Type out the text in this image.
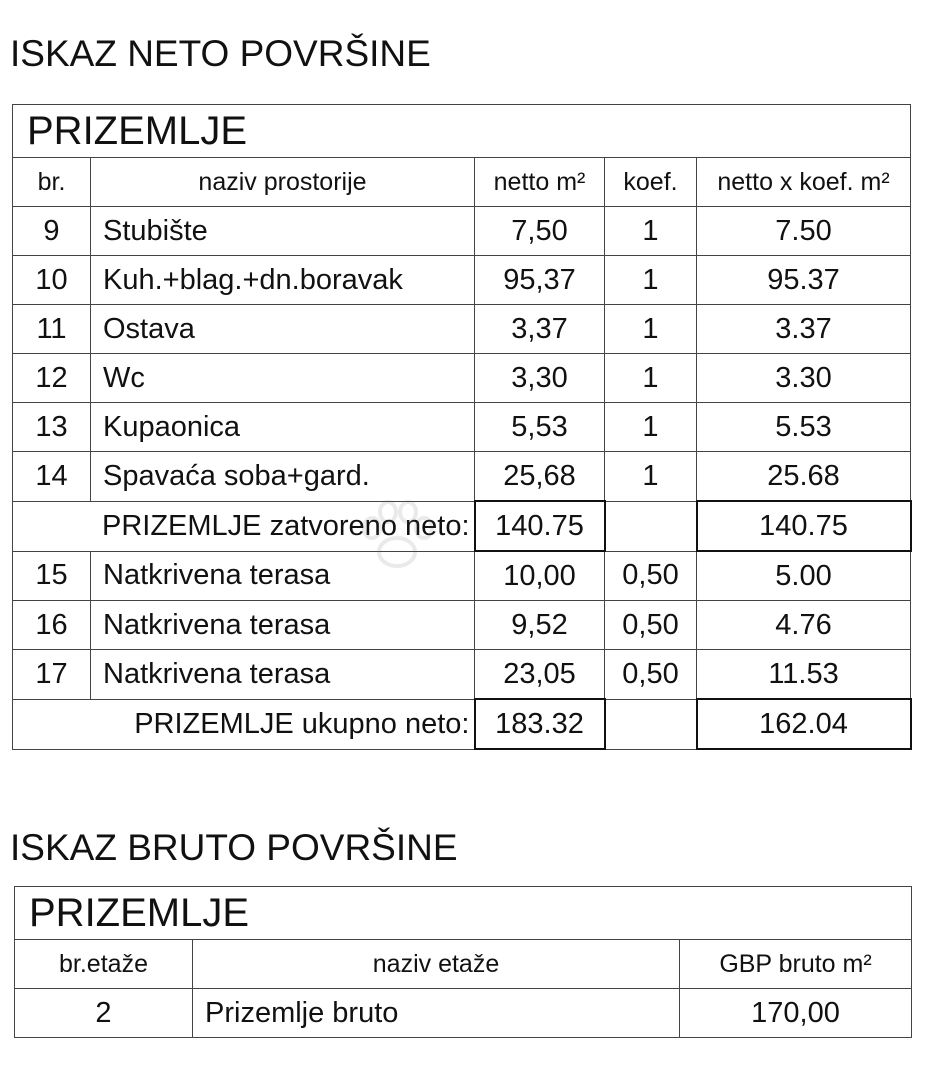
ISKAZ NETO POVRŠINE
PRIZEMLJE				
br.	naziv prostorije	netto m²	koef.	netto x koef. m²
9	Stubište	7,50	1	7.50
10	Kuh.+blag.+dn.boravak	95,37	1	95.37
11	Ostava	3,37	1	3.37
12	Wc	3,30	1	3.30
13	Kupaonica	5,53	1	5.53
14	Spavaća soba+gard.	25,68	1	25.68
PRIZEMLJE zatvoreno neto:		140.75		140.75
15	Natkrivena terasa	10,00	0,50	5.00
16	Natkrivena terasa	9,52	0,50	4.76
17	Natkrivena terasa	23,05	0,50	11.53
PRIZEMLJE ukupno neto:		183.32		162.04
ISKAZ BRUTO POVRŠINE
PRIZEMLJE		
br.etaže	naziv etaže	GBP bruto m²
2	Prizemlje bruto	170,00
